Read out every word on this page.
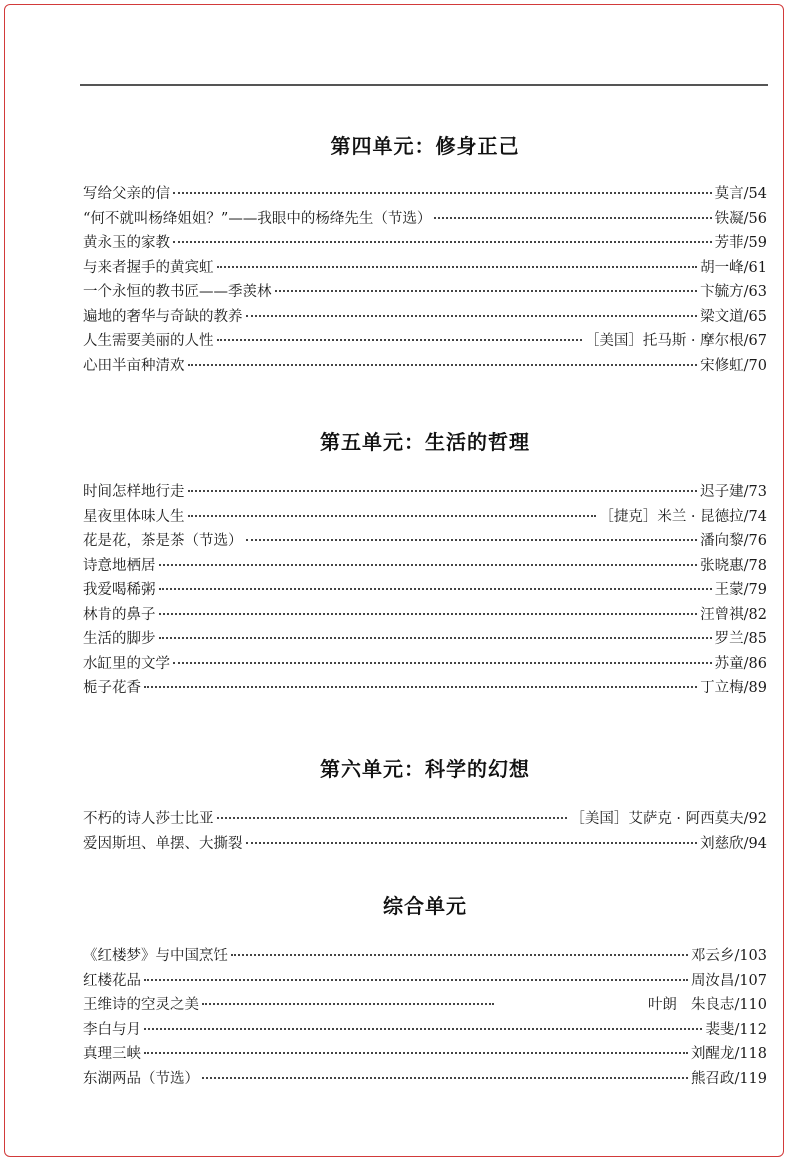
第四单元：修身正己
写给父亲的信	莫言 /54
“何不就叫杨绛姐姐？”——我眼中的杨绛先生（节选）	铁凝 /56
黄永玉的家教	芳菲 /59
与来者握手的黄宾虹	胡一峰 /61
一个永恒的教书匠——季羡林	卞毓方 /63
遍地的奢华与奇缺的教养	梁文道 /65
人生需要美丽的人性	［美国］托马斯 · 摩尔根 /67
心田半亩种清欢	宋修虹 /70
第五单元：生活的哲理
时间怎样地行走	迟子建 /73
星夜里体味人生	［捷克］米兰 · 昆德拉 /74
花是花，茶是茶（节选）	潘向黎 /76
诗意地栖居	张晓惠 /78
我爱喝稀粥	王蒙 /79
林肯的鼻子	汪曾祺 /82
生活的脚步	罗兰 /85
水缸里的文学	苏童 /86
栀子花香	丁立梅 /89
第六单元：科学的幻想
不朽的诗人莎士比亚	［美国］艾萨克 · 阿西莫夫 /92
爱因斯坦、单摆、大撕裂	刘慈欣 /94
综合单元
《红楼梦》与中国烹饪	邓云乡 /103
红楼花品	周汝昌 /107
王维诗的空灵之美	叶朗 朱良志 /110
李白与月	裴斐 /112
真理三峡	刘醒龙 /118
东湖两品（节选）	熊召政 /119
